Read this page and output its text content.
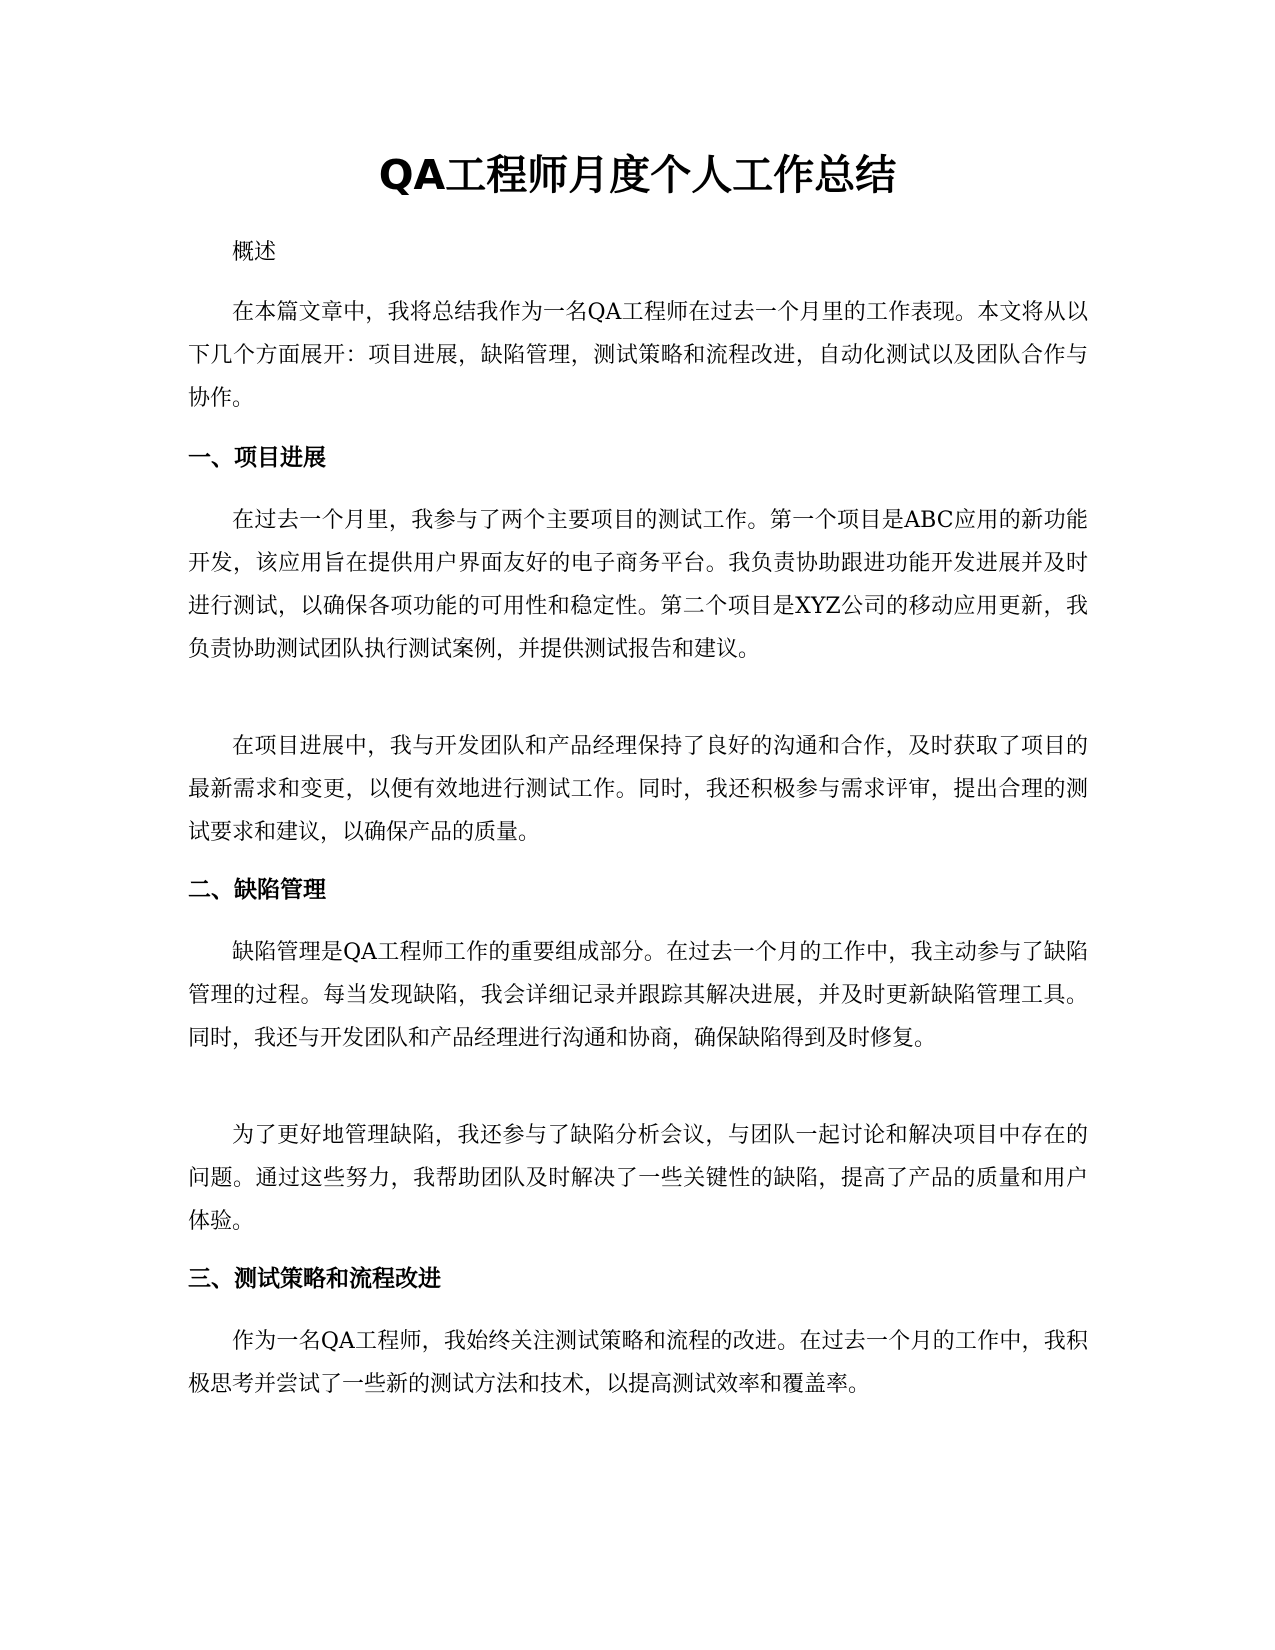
QA工程师月度个人工作总结

概述

在本篇文章中，我将总结我作为一名QA工程师在过去一个月里的工作表现。本文将从以下几个方面展开：项目进展，缺陷管理，测试策略和流程改进，自动化测试以及团队合作与协作。

一、项目进展

在过去一个月里，我参与了两个主要项目的测试工作。第一个项目是ABC应用的新功能开发，该应用旨在提供用户界面友好的电子商务平台。我负责协助跟进功能开发进展并及时进行测试，以确保各项功能的可用性和稳定性。第二个项目是XYZ公司的移动应用更新，我负责协助测试团队执行测试案例，并提供测试报告和建议。

在项目进展中，我与开发团队和产品经理保持了良好的沟通和合作，及时获取了项目的最新需求和变更，以便有效地进行测试工作。同时，我还积极参与需求评审，提出合理的测试要求和建议，以确保产品的质量。

二、缺陷管理

缺陷管理是QA工程师工作的重要组成部分。在过去一个月的工作中，我主动参与了缺陷管理的过程。每当发现缺陷，我会详细记录并跟踪其解决进展，并及时更新缺陷管理工具。同时，我还与开发团队和产品经理进行沟通和协商，确保缺陷得到及时修复。

为了更好地管理缺陷，我还参与了缺陷分析会议，与团队一起讨论和解决项目中存在的问题。通过这些努力，我帮助团队及时解决了一些关键性的缺陷，提高了产品的质量和用户体验。

三、测试策略和流程改进

作为一名QA工程师，我始终关注测试策略和流程的改进。在过去一个月的工作中，我积极思考并尝试了一些新的测试方法和技术，以提高测试效率和覆盖率。
